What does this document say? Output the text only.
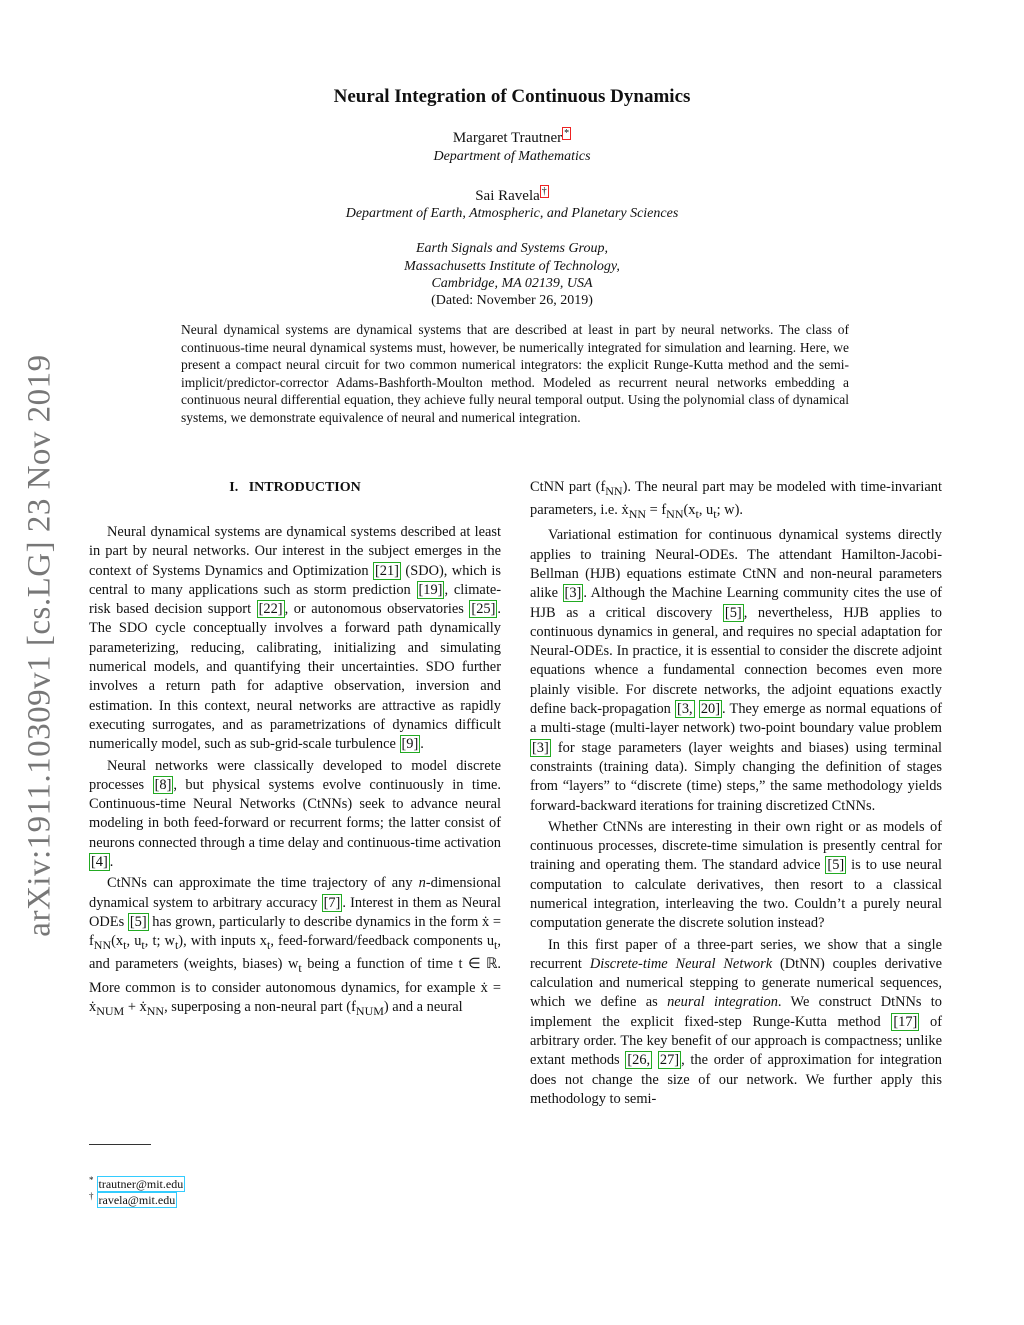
arXiv:1911.10309v1 [cs.LG] 23 Nov 2019
Neural Integration of Continuous Dynamics
Margaret Trautner *
Department of Mathematics
Sai Ravela †
Department of Earth, Atmospheric, and Planetary Sciences
Earth Signals and Systems Group,
Massachusetts Institute of Technology,
Cambridge, MA 02139, USA
(Dated: November 26, 2019)
Neural dynamical systems are dynamical systems that are described at least in part by neural networks. The class of continuous-time neural dynamical systems must, however, be numerically integrated for simulation and learning. Here, we present a compact neural circuit for two common numerical integrators: the explicit Runge-Kutta method and the semi-implicit/predictor-corrector Adams-Bashforth-Moulton method. Modeled as recurrent neural networks embedding a continuous neural differential equation, they achieve fully neural temporal output. Using the polynomial class of dynamical systems, we demonstrate equivalence of neural and numerical integration.
I. INTRODUCTION

Neural dynamical systems are dynamical systems described at least in part by neural networks. Our interest in the subject emerges in the context of Systems Dynamics and Optimization [21] (SDO), which is central to many applications such as storm prediction [19] , climate-risk based decision support [22] , or autonomous observatories [25] . The SDO cycle conceptually involves a forward path dynamically parameterizing, reducing, calibrating, initializing and simulating numerical models, and quantifying their uncertainties. SDO further involves a return path for adaptive observation, inversion and estimation. In this context, neural networks are attractive as rapidly executing surrogates, and as parametrizations of dynamics difficult numerically model, such as sub-grid-scale turbulence [9] .

Neural networks were classically developed to model discrete processes [8] , but physical systems evolve continuously in time. Continuous-time Neural Networks (CtNNs) seek to advance neural modeling in both feed-forward or recurrent forms; the latter consist of neurons connected through a time delay and continuous-time activation [4] .

CtNNs can approximate the time trajectory of any n-dimensional dynamical system to arbitrary accuracy [7] . Interest in them as Neural ODEs [5] has grown, particularly to describe dynamics in the form ẋ = $f_{NN}(x_t$, $u_t$, t; $w_t$), with inputs $x_t$, feed-forward/feedback components $u_t$, and parameters (weights, biases) $w_t$ being a function of time t ∈ ℝ. More common is to consider autonomous dynamics, for example ẋ = ẋ$_{NUM}$ + ẋ$_{NN}$, superposing a non-neural part $(f_{NUM})$ and a neural

CtNN part $(f_{NN})$. The neural part may be modeled with time-invariant parameters, i.e. ẋ$_{NN}$ = $f_{NN}(x_t$, $u_t$; w).

Variational estimation for continuous dynamical systems directly applies to training Neural-ODEs. The attendant Hamilton-Jacobi-Bellman (HJB) equations estimate CtNN and non-neural parameters alike [3] . Although the Machine Learning community cites the use of HJB as a critical discovery [5] , nevertheless, HJB applies to continuous dynamics in general, and requires no special adaptation for Neural-ODEs. In practice, it is essential to consider the discrete adjoint equations whence a fundamental connection becomes even more plainly visible. For discrete networks, the adjoint equations exactly define back-propagation [3, 20] . They emerge as normal equations of a multi-stage (multi-layer network) two-point boundary value problem [3] for stage parameters (layer weights and biases) using terminal constraints (training data). Simply changing the definition of stages from “layers” to “discrete (time) steps,” the same methodology yields forward-backward iterations for training discretized CtNNs.

Whether CtNNs are interesting in their own right or as models of continuous processes, discrete-time simulation is presently central for training and operating them. The standard advice [5] is to use neural computation to calculate derivatives, then resort to a classical numerical integration, interleaving the two. Couldn’t a purely neural computation generate the discrete solution instead?

In this first paper of a three-part series, we show that a single recurrent Discrete-time Neural Network (DtNN) couples derivative calculation and numerical stepping to generate numerical sequences, which we define as neural integration. We construct DtNNs to implement the explicit fixed-step Runge-Kutta method [17] of arbitrary order. The key benefit of our approach is compactness; unlike extant methods [26, 27] , the order of approximation for integration does not change the size of our network. We further apply this methodology to semi-

* trautner@mit.edu
† ravela@mit.edu
